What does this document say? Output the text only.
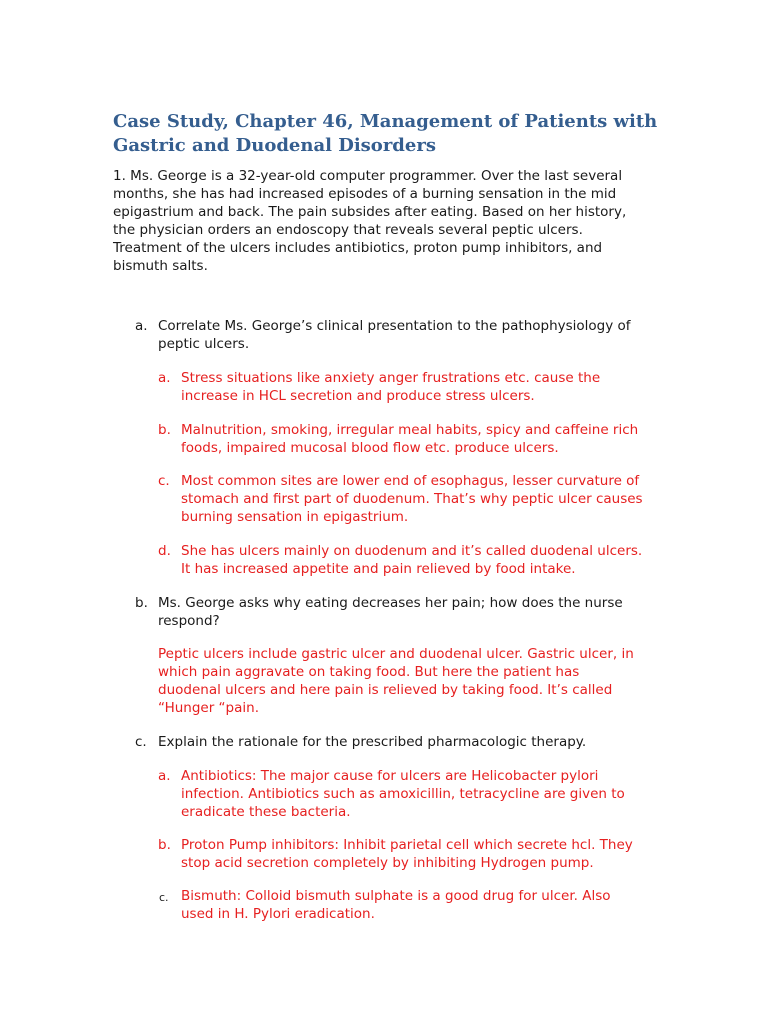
Case Study, Chapter 46, Management of Patients with
Gastric and Duodenal Disorders

1. Ms. George is a 32-year-old computer programmer. Over the last several
months, she has had increased episodes of a burning sensation in the mid
epigastrium and back. The pain subsides after eating. Based on her history,
the physician orders an endoscopy that reveals several peptic ulcers.
Treatment of the ulcers includes antibiotics, proton pump inhibitors, and
bismuth salts.

a. Correlate Ms. George’s clinical presentation to the pathophysiology of
peptic ulcers.

a. Stress situations like anxiety anger frustrations etc. cause the
increase in HCL secretion and produce stress ulcers.

b. Malnutrition, smoking, irregular meal habits, spicy and caffeine rich
foods, impaired mucosal blood flow etc. produce ulcers.

c. Most common sites are lower end of esophagus, lesser curvature of
stomach and first part of duodenum. That’s why peptic ulcer causes
burning sensation in epigastrium.

d. She has ulcers mainly on duodenum and it’s called duodenal ulcers.
It has increased appetite and pain relieved by food intake.

b. Ms. George asks why eating decreases her pain; how does the nurse
respond?

Peptic ulcers include gastric ulcer and duodenal ulcer. Gastric ulcer, in
which pain aggravate on taking food. But here the patient has
duodenal ulcers and here pain is relieved by taking food. It’s called
“Hunger “pain.

c. Explain the rationale for the prescribed pharmacologic therapy.

a. Antibiotics: The major cause for ulcers are Helicobacter pylori
infection. Antibiotics such as amoxicillin, tetracycline are given to
eradicate these bacteria.

b. Proton Pump inhibitors: Inhibit parietal cell which secrete hcl. They
stop acid secretion completely by inhibiting Hydrogen pump.

c. Bismuth: Colloid bismuth sulphate is a good drug for ulcer. Also
used in H. Pylori eradication.
